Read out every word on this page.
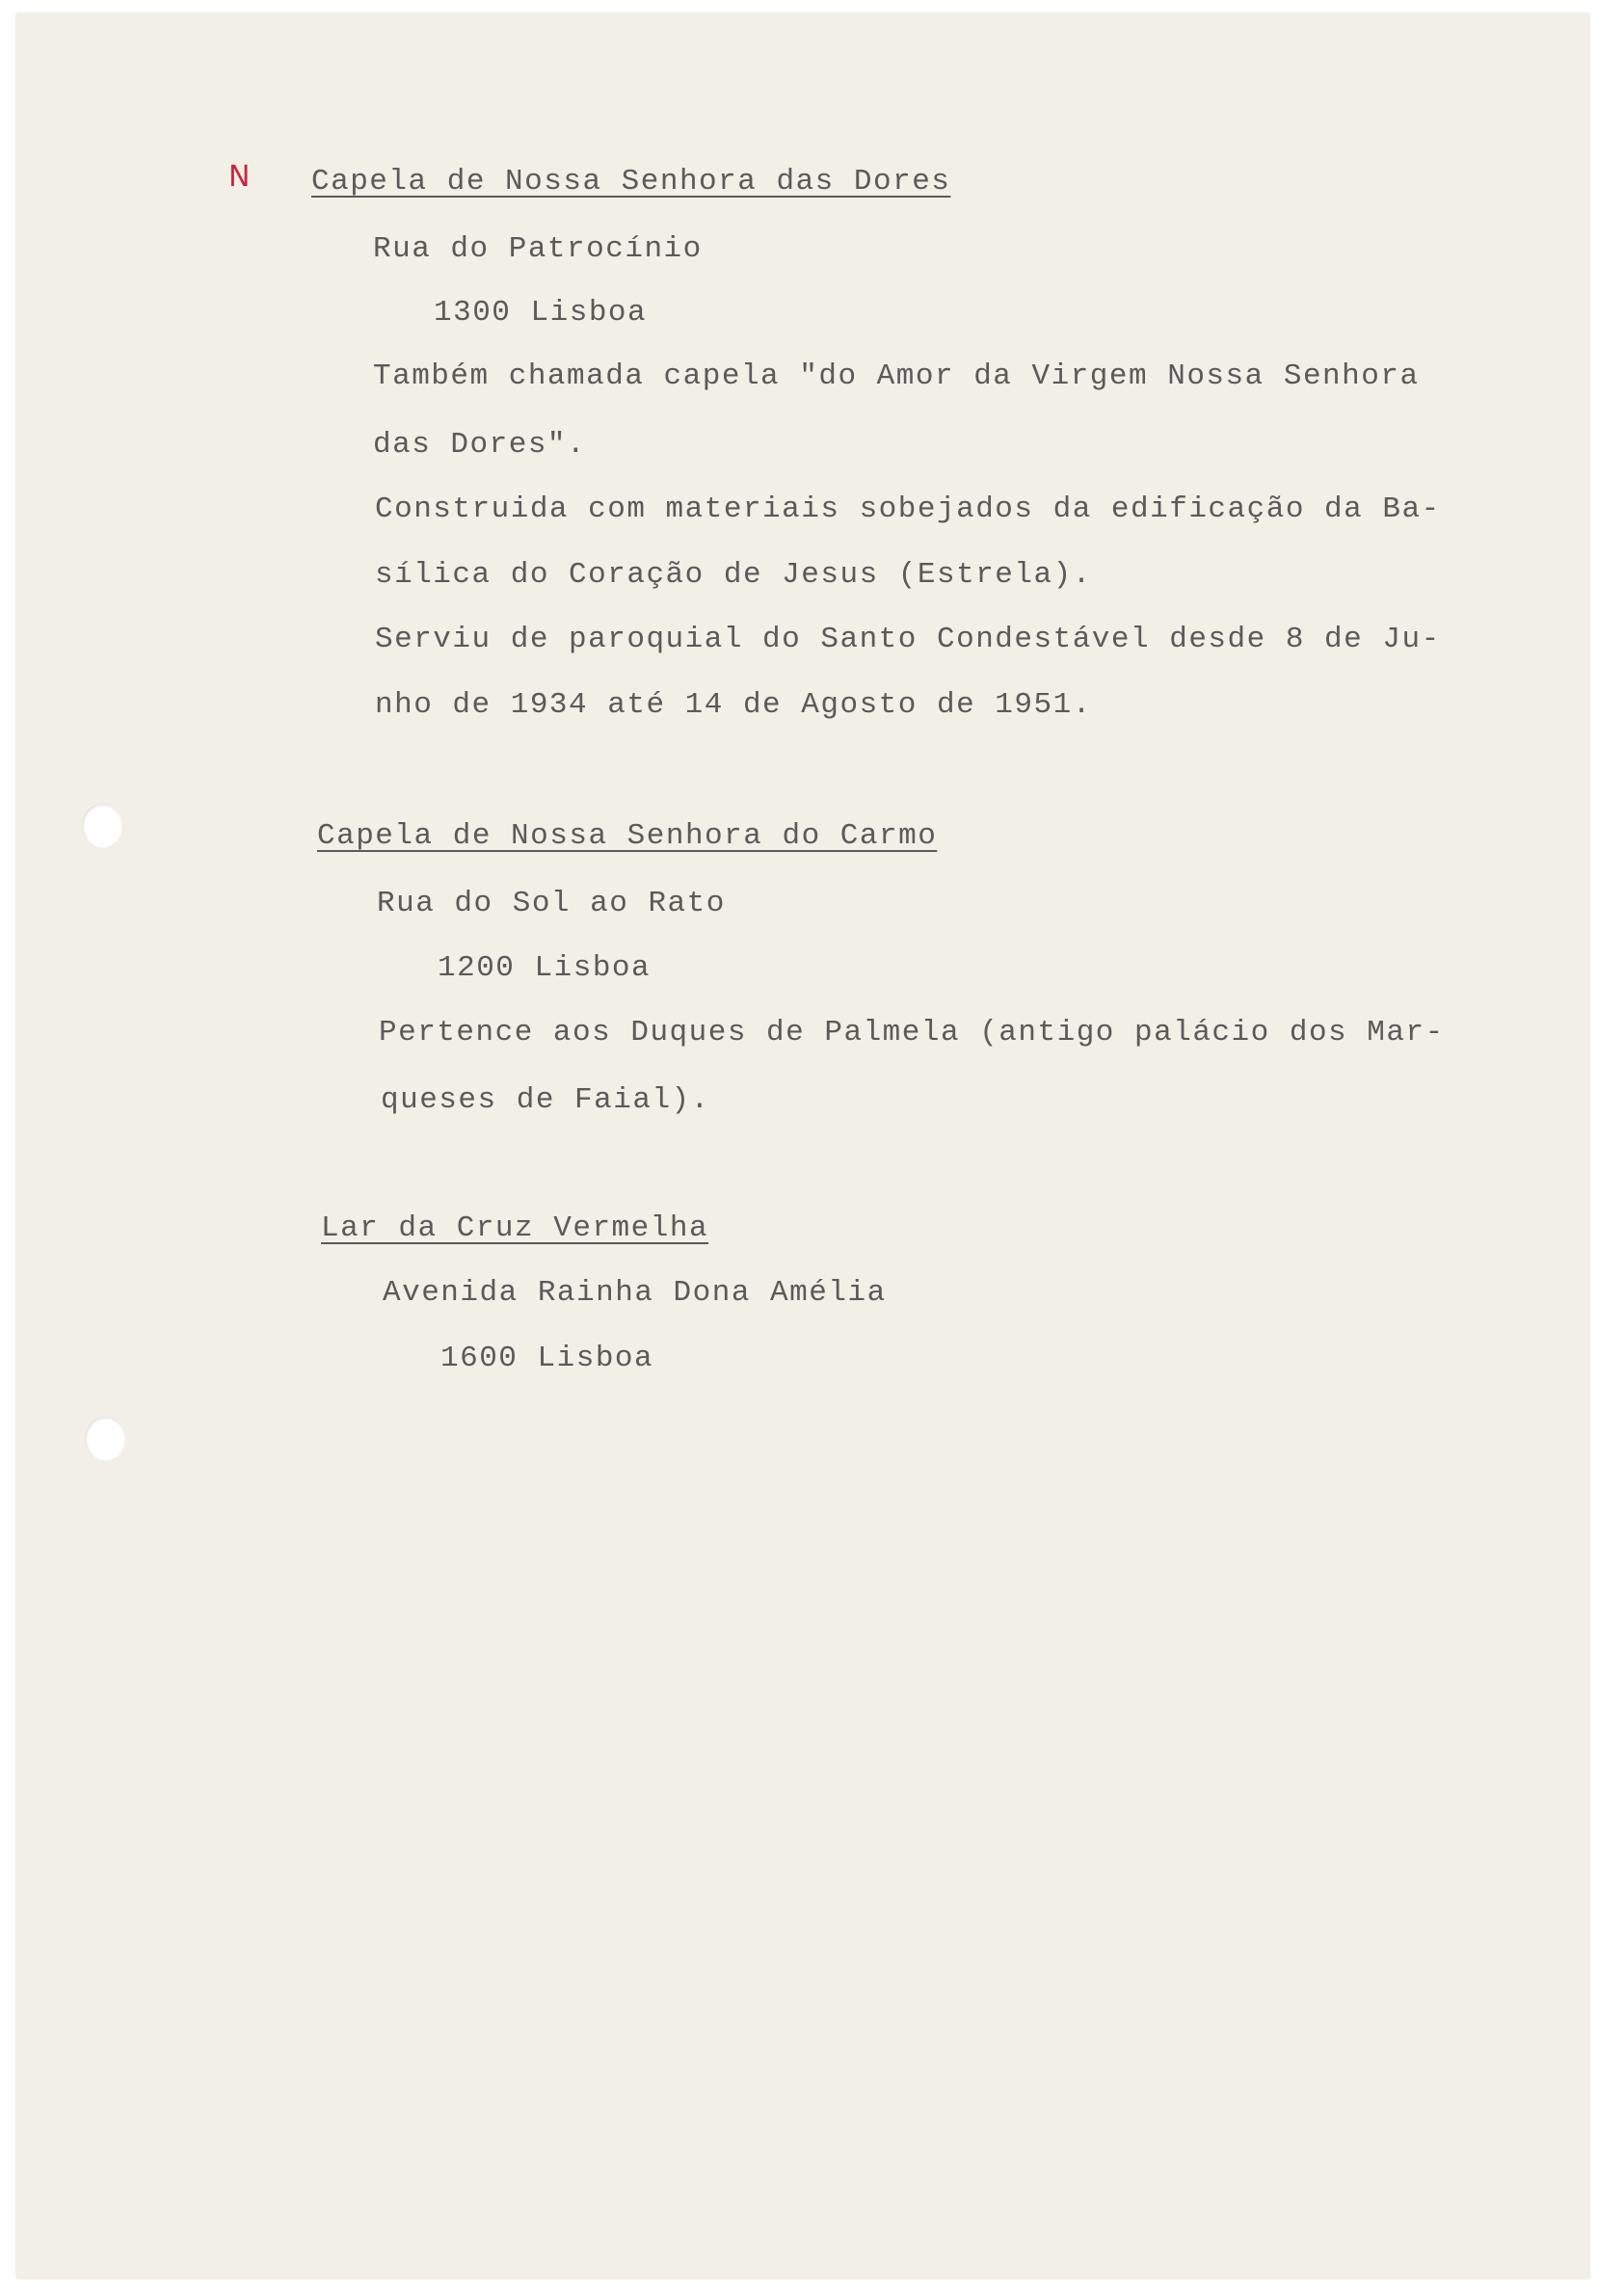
N Capela de Nossa Senhora das Dores

Rua do Patrocínio

1300 Lisboa

Também chamada capela "do Amor da Virgem Nossa Senhora

das Dores".

Construida com materiais sobejados da edificação da Ba-

sílica do Coração de Jesus (Estrela).

Serviu de paroquial do Santo Condestável desde 8 de Ju-

nho de 1934 até 14 de Agosto de 1951.

Capela de Nossa Senhora do Carmo

Rua do Sol ao Rato

1200 Lisboa

Pertence aos Duques de Palmela (antigo palácio dos Mar-

queses de Faial).

Lar da Cruz Vermelha

Avenida Rainha Dona Amélia

1600 Lisboa
